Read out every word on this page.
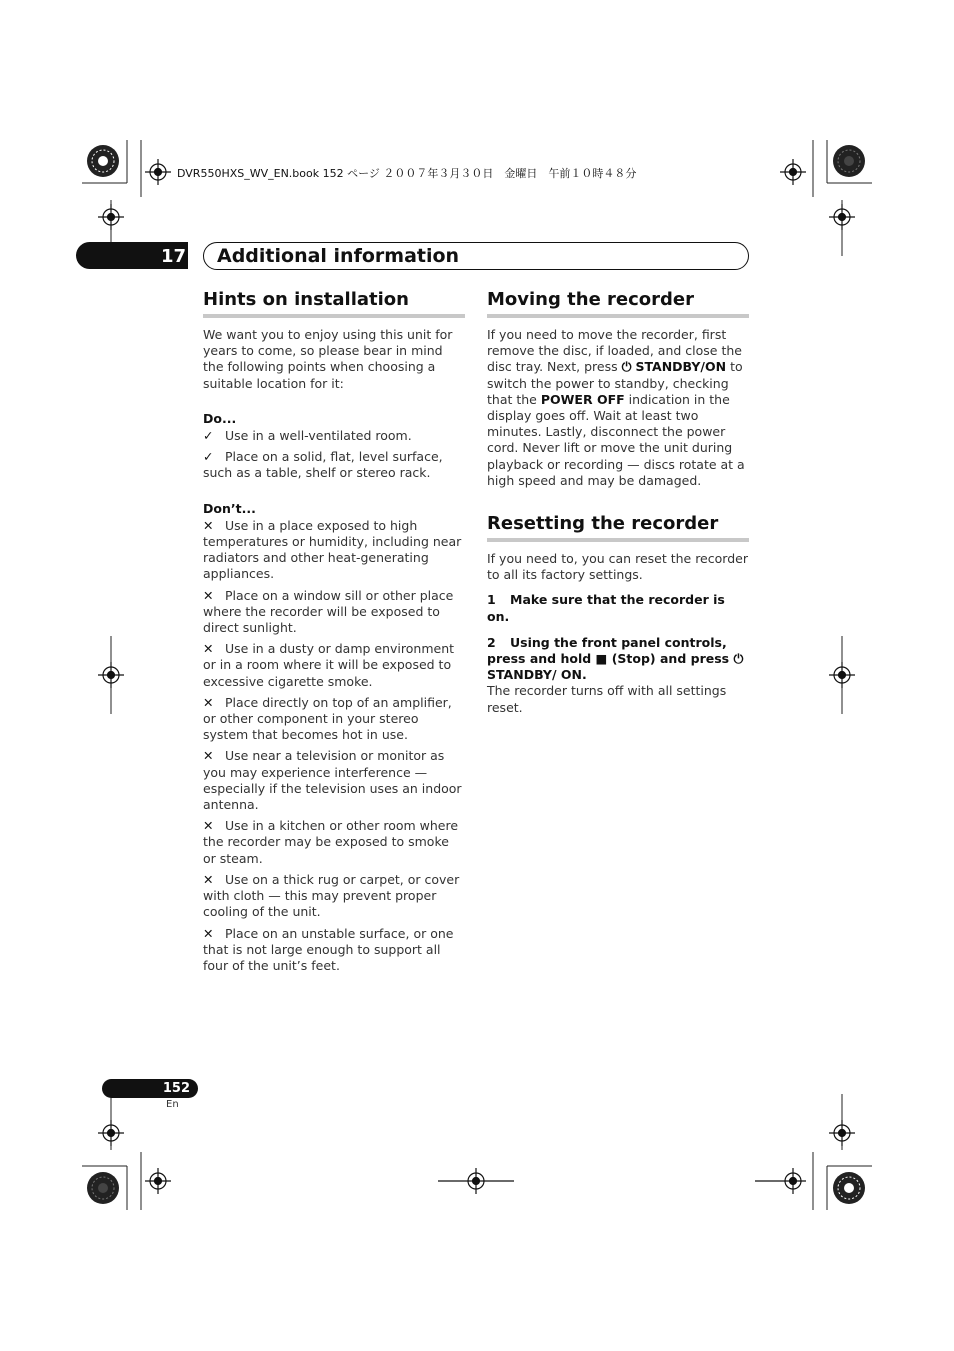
DVR550HXS_WV_EN.book 152 ページ ２００７年３月３０日　金曜日　午前１０時４８分
17 Additional information
Hints on installation

We want you to enjoy using this unit for years to come, so please bear in mind the following points when choosing a suitable location for it:

Do...

✓ Use in a well-ventilated room.

✓ Place on a solid, flat, level surface, such as a table, shelf or stereo rack.

Don’t...

✕ Use in a place exposed to high temperatures or humidity, including near radiators and other heat-generating appliances.

✕ Place on a window sill or other place where the recorder will be exposed to direct sunlight.

✕ Use in a dusty or damp environment or in a room where it will be exposed to excessive cigarette smoke.

✕ Place directly on top of an amplifier, or other component in your stereo system that becomes hot in use.

✕ Use near a television or monitor as you may experience interference — especially if the television uses an indoor antenna.

✕ Use in a kitchen or other room where the recorder may be exposed to smoke or steam.

✕ Use on a thick rug or carpet, or cover with cloth — this may prevent proper cooling of the unit.

✕ Place on an unstable surface, or one that is not large enough to support all four of the unit’s feet.

Moving the recorder

If you need to move the recorder, first remove the disc, if loaded, and close the disc tray. Next, press ⏻ STANDBY/ON to switch the power to standby, checking that the POWER OFF indication in the display goes off. Wait at least two minutes. Lastly, disconnect the power cord. Never lift or move the unit during playback or recording — discs rotate at a high speed and may be damaged.

Resetting the recorder

If you need to, you can reset the recorder to all its factory settings.

1 Make sure that the recorder is on.

2 Using the front panel controls, press and hold ■ (Stop) and press ⏻ STANDBY/ ON.

The recorder turns off with all settings reset.

152
En
